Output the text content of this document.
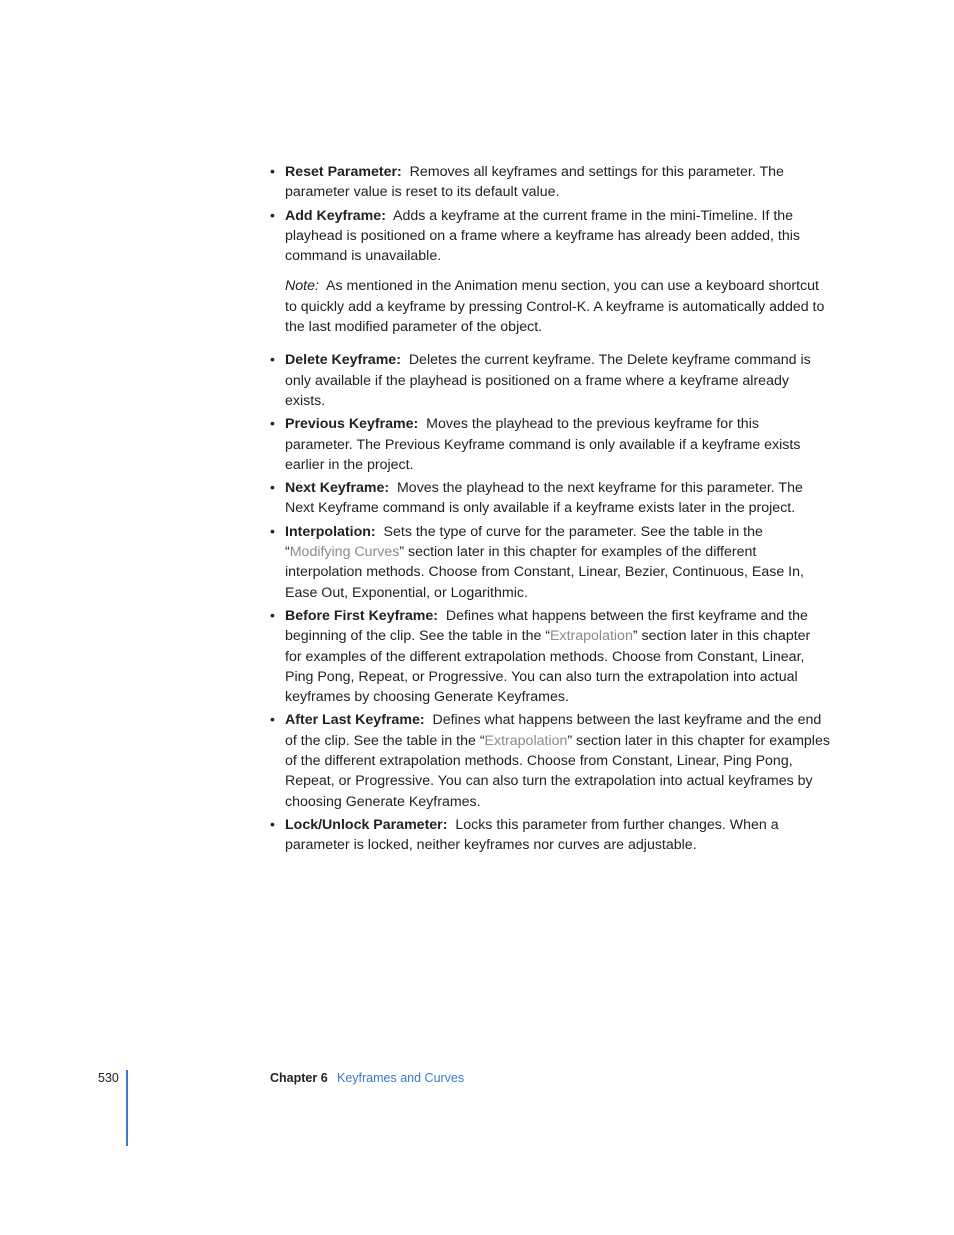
• Reset Parameter: Removes all keyframes and settings for this parameter. The parameter value is reset to its default value.
• Add Keyframe: Adds a keyframe at the current frame in the mini-Timeline. If the playhead is positioned on a frame where a keyframe has already been added, this command is unavailable.
Note: As mentioned in the Animation menu section, you can use a keyboard shortcut to quickly add a keyframe by pressing Control-K. A keyframe is automatically added to the last modified parameter of the object.
• Delete Keyframe: Deletes the current keyframe. The Delete keyframe command is only available if the playhead is positioned on a frame where a keyframe already exists.
• Previous Keyframe: Moves the playhead to the previous keyframe for this parameter. The Previous Keyframe command is only available if a keyframe exists earlier in the project.
• Next Keyframe: Moves the playhead to the next keyframe for this parameter. The Next Keyframe command is only available if a keyframe exists later in the project.
• Interpolation: Sets the type of curve for the parameter. See the table in the “Modifying Curves” section later in this chapter for examples of the different interpolation methods. Choose from Constant, Linear, Bezier, Continuous, Ease In, Ease Out, Exponential, or Logarithmic.
• Before First Keyframe: Defines what happens between the first keyframe and the beginning of the clip. See the table in the “Extrapolation” section later in this chapter for examples of the different extrapolation methods. Choose from Constant, Linear, Ping Pong, Repeat, or Progressive. You can also turn the extrapolation into actual keyframes by choosing Generate Keyframes.
• After Last Keyframe: Defines what happens between the last keyframe and the end of the clip. See the table in the “Extrapolation” section later in this chapter for examples of the different extrapolation methods. Choose from Constant, Linear, Ping Pong, Repeat, or Progressive. You can also turn the extrapolation into actual keyframes by choosing Generate Keyframes.
• Lock/Unlock Parameter: Locks this parameter from further changes. When a parameter is locked, neither keyframes nor curves are adjustable.
530	Chapter 6 Keyframes and Curves
